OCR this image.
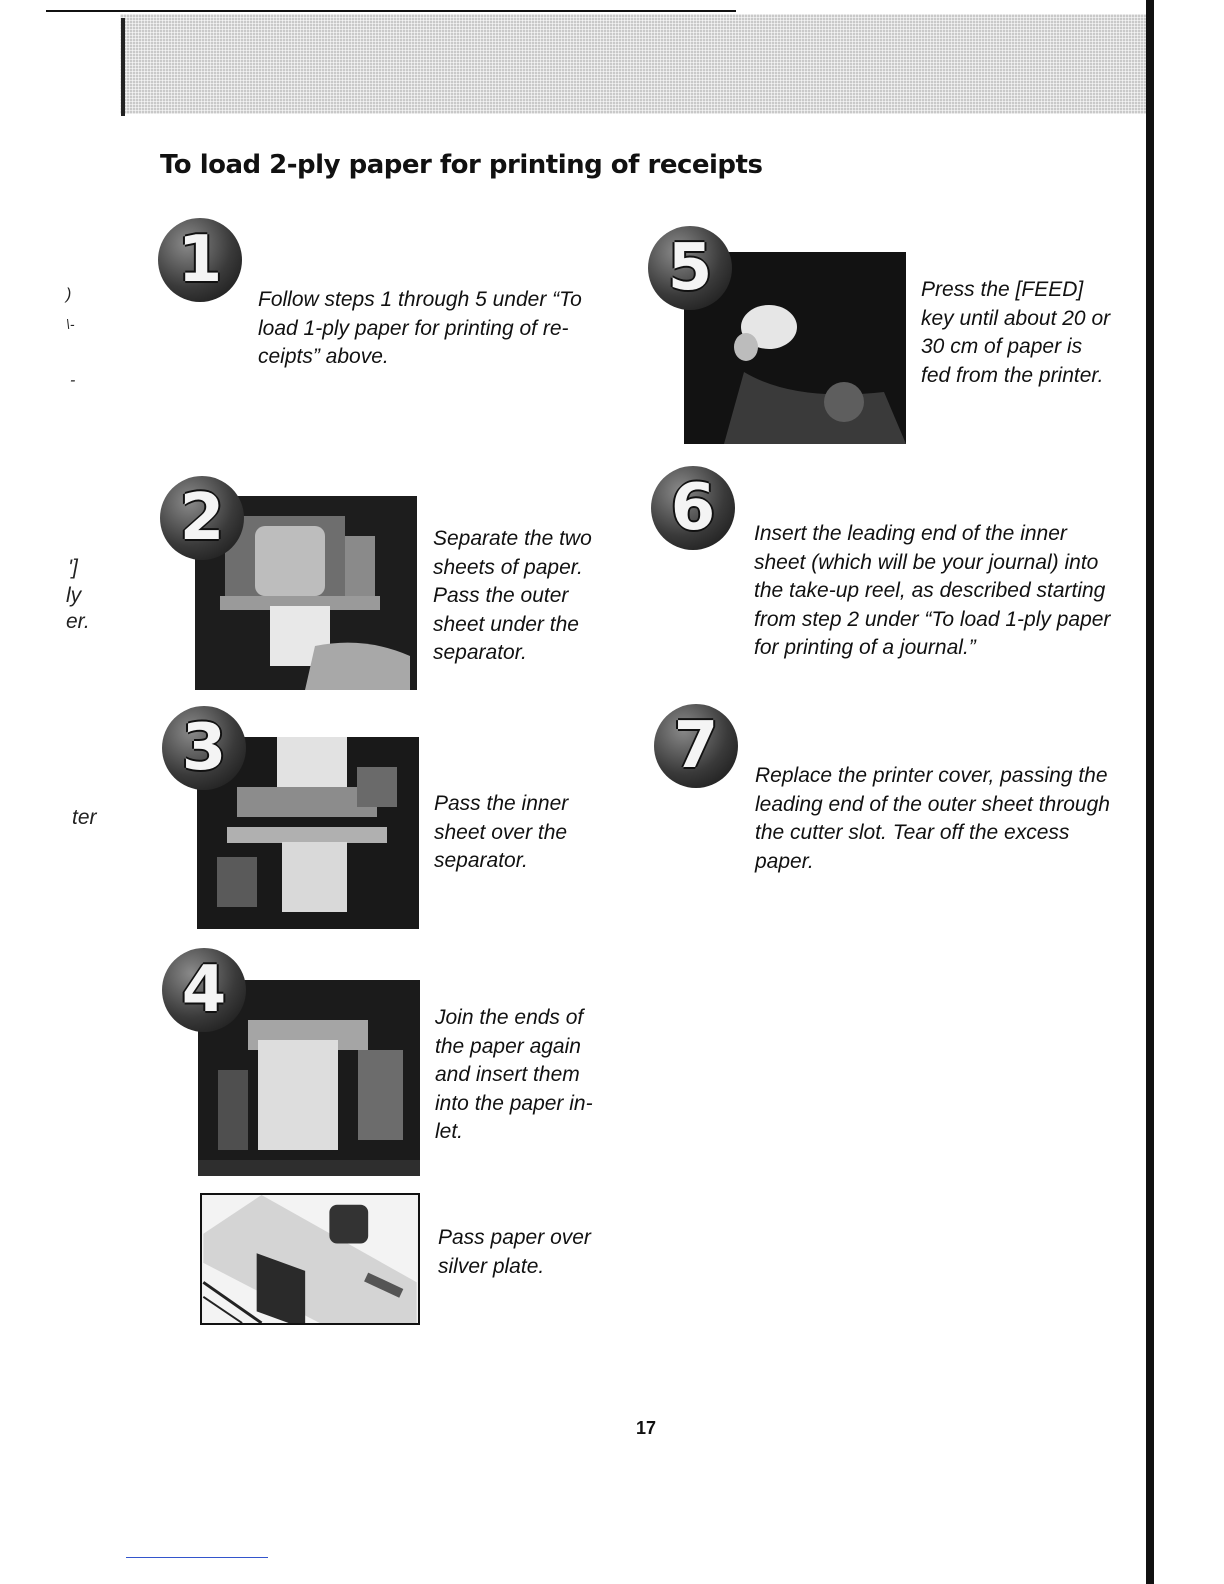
)
\-
-
']
ly
er.
ter
To load 2-ply paper for printing of receipts
1

Follow steps 1 through 5 under “To load 1-ply paper for printing of re-ceipts” above.

2	Separate the two sheets of paper. Pass the outer sheet under the separator.

3

Pass the inner sheet over the separator.

4	Join the ends of the paper again and insert them into the paper in-let.

Pass paper over silver plate.

5	Press the [FEED] key until about 20 or 30 cm of paper is fed from the printer.

6 Insert the leading end of the inner sheet (which will be your journal) into the take-up reel, as described starting from step 2 under “To load 1-ply paper for printing of a journal.”

7 Replace the printer cover, passing the leading end of the outer sheet through the cutter slot. Tear off the excess paper.

17
